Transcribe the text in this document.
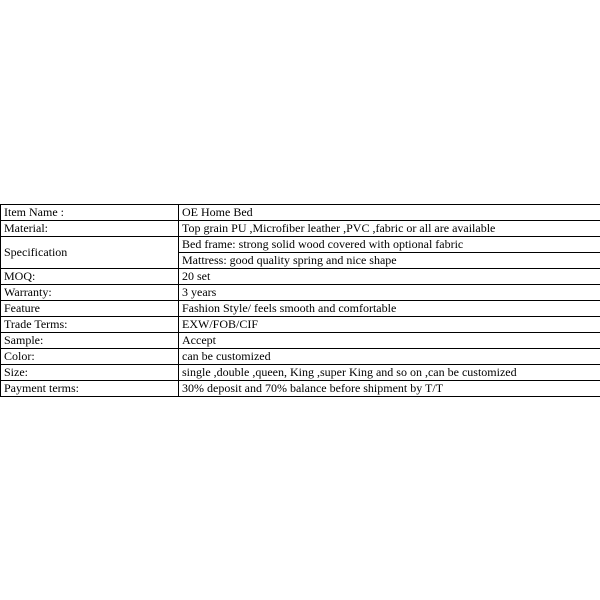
Item Name :	OE Home Bed
Material:	Top grain PU ,Microfiber leather ,PVC ,fabric or all are available
Specification	Bed frame: strong solid wood covered with optional fabric
	Mattress: good quality spring and nice shape
MOQ:	20 set
Warranty:	3 years
Feature	Fashion Style/ feels smooth and comfortable
Trade Terms:	EXW/FOB/CIF
Sample:	Accept
Color:	can be customized
Size:	single ,double ,queen, King ,super King and so on ,can be customized
Payment terms:	30% deposit and 70% balance before shipment by T/T
